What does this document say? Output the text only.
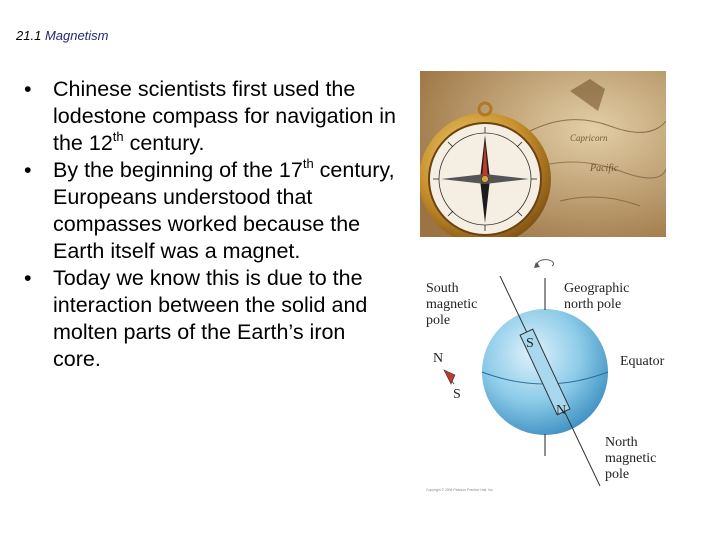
21.1 Magnetism
• Chinese scientists first used the lodestone compass for navigation in the 12th century.
• By the beginning of the 17th century, Europeans understood that compasses worked because the Earth itself was a magnet.
• Today we know this is due to the interaction between the solid and molten parts of the Earth’s iron core.
Capricorn
Pacific
South
magnetic
pole
Geographic
north pole
Equator
North
magnetic
pole
N
S
S
N
Copyright © 2008 Pearson Prentice Hall, Inc.
